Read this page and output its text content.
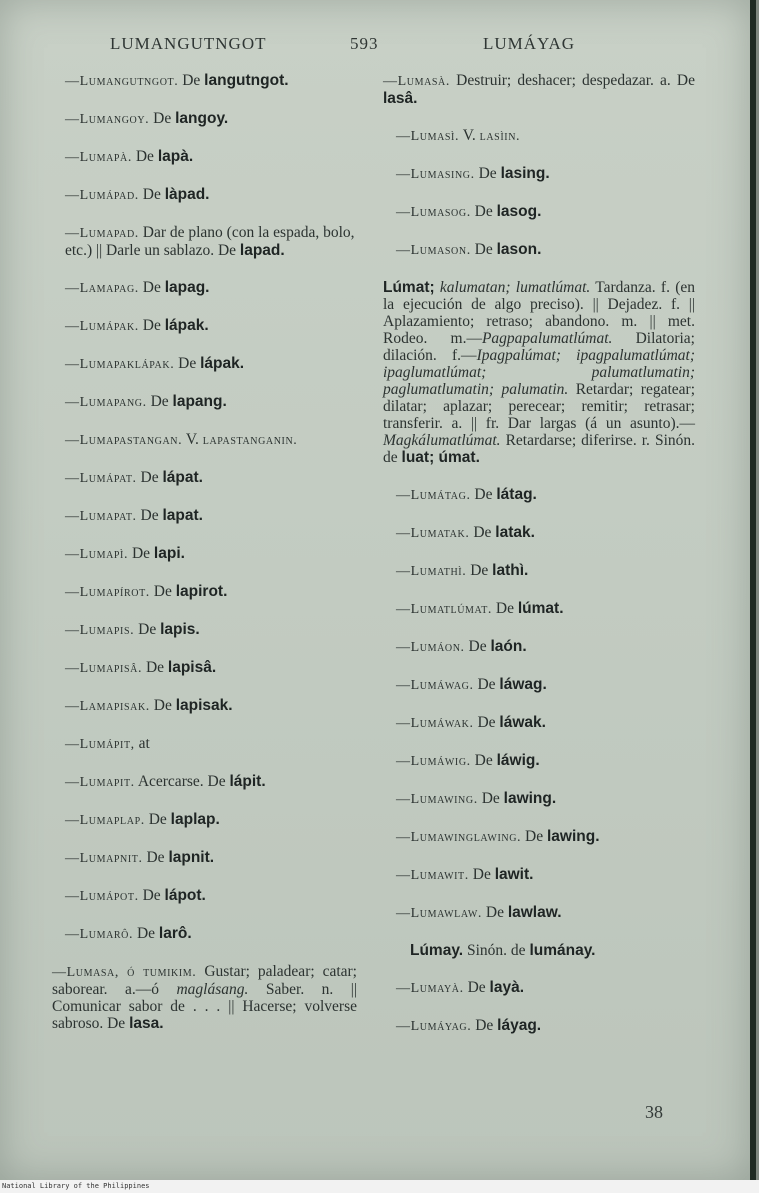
LUMANGUTNGOT	593	LUMÁYAG
—Lumangutngot. De langutngot.
—Lumangoy. De langoy.
—Lumapà. De lapà.
—Lumápad. De làpad.
—Lumapad. Dar de plano (con la espada, bolo, etc.) || Darle un sablazo. De lapad.
—Lamapag. De lapag.
—Lumápak. De lápak.
—Lumapaklápak. De lápak.
—Lumapang. De lapang.
—Lumapastangan. V. lapastanganin.
—Lumápat. De lápat.
—Lumapat. De lapat.
—Lumapì. De lapi.
—Lumapírot. De lapirot.
—Lumapis. De lapis.
—Lumapisâ. De lapisâ.
—Lamapisak. De lapisak.
—Lumápit, at
—Lumapit. Acercarse. De lápit.
—Lumaplap. De laplap.
—Lumapnit. De lapnit.
—Lumápot. De lápot.
—Lumarô. De larô.
—Lumasa, ó tumikim. Gustar; paladear; catar; saborear. a.—ó maglásang. Saber. n. || Comunicar sabor de . . . || Hacerse; volverse sabroso. De lasa.
—Lumasà. Destruir; deshacer; despedazar. a. De lasâ.
—Lumasì. V. lasìin.
—Lumasing. De lasing.
—Lumasog. De lasog.
—Lumason. De lason.
Lúmat; kalumatan; lumatlúmat. Tardanza. f. (en la ejecución de algo preciso). || Dejadez. f. || Aplazamiento; retraso; abandono. m. || met. Rodeo. m.—Pagpapalumatlúmat. Dilatoria; dilación. f.—Ipagpalúmat; ipagpalumatlúmat; ipaglumatlúmat; palumatlumatin; paglumatlumatin; palumatin. Retardar; regatear; dilatar; aplazar; perecear; remitir; retrasar; transferir. a. || fr. Dar largas (á un asunto).—Magkálumatlúmat. Retardarse; diferirse. r. Sinón. de luat; úmat.
—Lumátag. De látag.
—Lumatak. De latak.
—Lumathì. De lathì.
—Lumatlúmat. De lúmat.
—Lumáon. De laón.
—Lumáwag. De láwag.
—Lumáwak. De láwak.
—Lumáwig. De láwig.
—Lumawing. De lawing.
—Lumawinglawing. De lawing.
—Lumawit. De lawit.
—Lumawlaw. De lawlaw.
Lúmay. Sinón. de lumánay.
—Lumayà. De layà.
—Lumáyag. De láyag.
38
National Library of the Philippines
